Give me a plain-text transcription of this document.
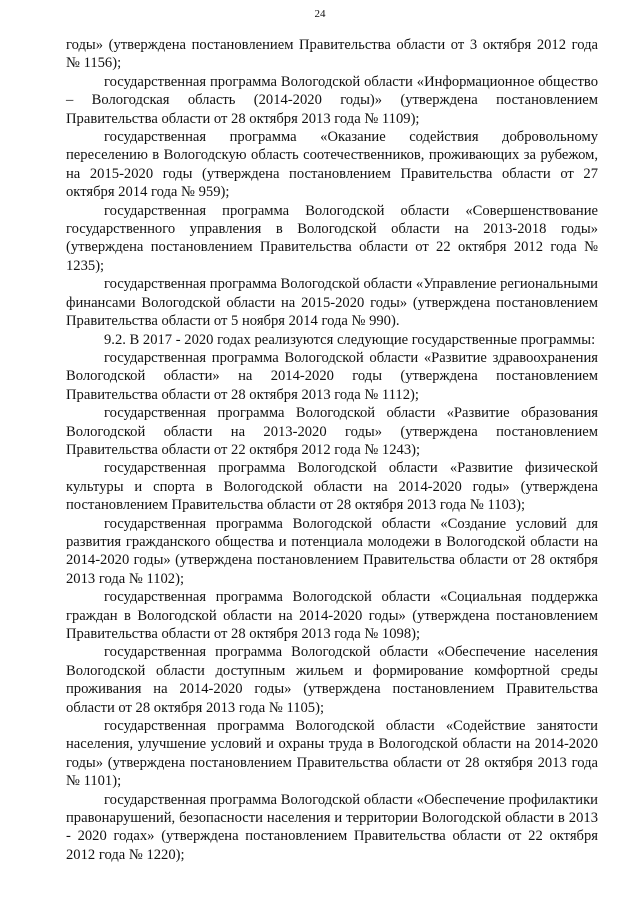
24

годы» (утверждена постановлением Правительства области от 3 октября 2012 года № 1156);

государственная программа Вологодской области «Информационное общество – Вологодская область (2014-2020 годы)» (утверждена постановлением Правительства области от 28 октября 2013 года № 1109);

государственная программа «Оказание содействия добровольному переселению в Вологодскую область соотечественников, проживающих за рубежом, на 2015-2020 годы (утверждена постановлением Правительства области от 27 октября 2014 года № 959);

государственная программа Вологодской области «Совершенствование государственного управления в Вологодской области на 2013-2018 годы» (утверждена постановлением Правительства области от 22 октября 2012 года № 1235);

государственная программа Вологодской области «Управление региональными финансами Вологодской области на 2015-2020 годы» (утверждена постановлением Правительства области от 5 ноября 2014 года № 990).

9.2. В 2017 - 2020 годах реализуются следующие государственные программы:

государственная программа Вологодской области «Развитие здравоохранения Вологодской области» на 2014-2020 годы (утверждена постановлением Правительства области от 28 октября 2013 года № 1112);

государственная программа Вологодской области «Развитие образования Вологодской области на 2013-2020 годы» (утверждена постановлением Правительства области от 22 октября 2012 года № 1243);

государственная программа Вологодской области «Развитие физической культуры и спорта в Вологодской области на 2014-2020 годы» (утверждена постановлением Правительства области от 28 октября 2013 года № 1103);

государственная программа Вологодской области «Создание условий для развития гражданского общества и потенциала молодежи в Вологодской области на 2014-2020 годы» (утверждена постановлением Правительства области от 28 октября 2013 года № 1102);

государственная программа Вологодской области «Социальная поддержка граждан в Вологодской области на 2014-2020 годы» (утверждена постановлением Правительства области от 28 октября 2013 года № 1098);

государственная программа Вологодской области «Обеспечение населения Вологодской области доступным жильем и формирование комфортной среды проживания на 2014-2020 годы» (утверждена постановлением Правительства области от 28 октября 2013 года № 1105);

государственная программа Вологодской области «Содействие занятости населения, улучшение условий и охраны труда в Вологодской области на 2014-2020 годы» (утверждена постановлением Правительства области от 28 октября 2013 года № 1101);

государственная программа Вологодской области «Обеспечение профилактики правонарушений, безопасности населения и территории Вологодской области в 2013 - 2020 годах» (утверждена постановлением Правительства области от 22 октября 2012 года № 1220);
